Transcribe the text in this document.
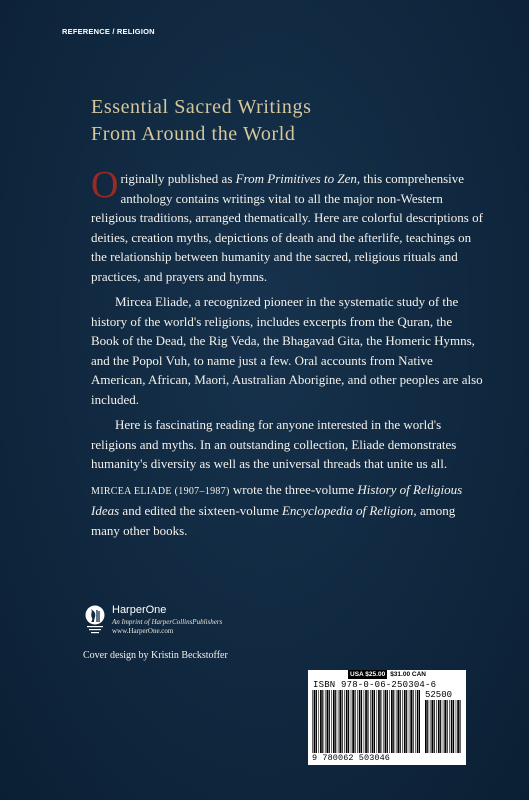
REFERENCE / RELIGION
Essential Sacred Writings
From Around the World

Originally published as From Primitives to Zen, this comprehensive anthology contains writings vital to all the major non-Western religious traditions, arranged thematically. Here are colorful descriptions of deities, creation myths, depictions of death and the afterlife, teachings on the relationship between humanity and the sacred, religious rituals and practices, and prayers and hymns.

Mircea Eliade, a recognized pioneer in the systematic study of the history of the world's religions, includes excerpts from the Quran, the Book of the Dead, the Rig Veda, the Bhagavad Gita, the Homeric Hymns, and the Popol Vuh, to name just a few. Oral accounts from Native American, African, Maori, Australian Aborigine, and other peoples are also included.

Here is fascinating reading for anyone interested in the world's religions and myths. In an outstanding collection, Eliade demonstrates humanity's diversity as well as the universal threads that unite us all.

MIRCEA ELIADE (1907–1987) wrote the three-volume History of Religious Ideas and edited the sixteen-volume Encyclopedia of Religion, among many other books.

HarperOne
An Imprint of HarperCollinsPublishers
www.HarperOne.com
Cover design by Kristin Beckstoffer
USA $25.00 $31.00 CAN
ISBN 978-0-06-250304-6
52500
9 780062 503046
